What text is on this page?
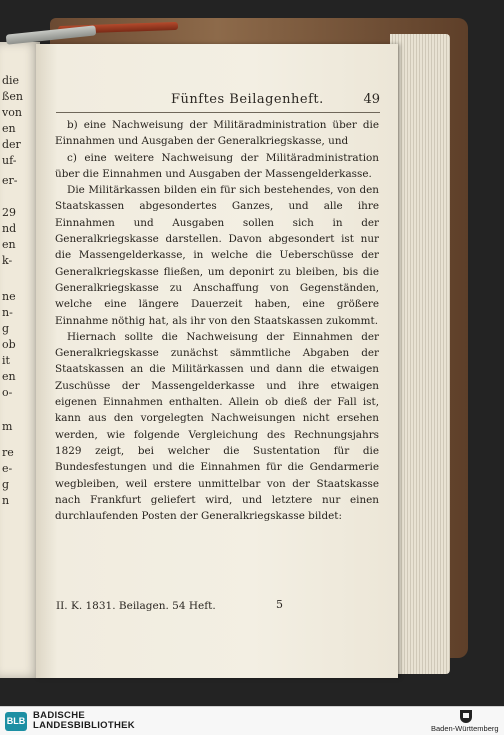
die
ßen
von
en
der
uf-
er-
29
nd
en
k-
ne
n-
g
ob
it
en
o-
m
re
e-
g
n
Fünftes Beilagenheft.	49

b) eine Nachweisung der Militäradministration über die Einnahmen und Ausgaben der Generalkriegskasse, und

c) eine weitere Nachweisung der Militäradministration über die Einnahmen und Ausgaben der Massengelderkasse.

Die Militärkassen bilden ein für sich bestehendes, von den Staatskassen abgesondertes Ganzes, und alle ihre Einnahmen und Ausgaben sollen sich in der Generalkriegskasse darstellen. Davon abgesondert ist nur die Massengelderkasse, in welche die Ueberschüsse der Generalkriegskasse fließen, um deponirt zu bleiben, bis die Generalkriegskasse zu Anschaffung von Gegenständen, welche eine längere Dauerzeit haben, eine größere Einnahme nöthig hat, als ihr von den Staatskassen zukommt.

Hiernach sollte die Nachweisung der Einnahmen der Generalkriegskasse zunächst sämmtliche Abgaben der Staatskassen an die Militärkassen und dann die etwaigen Zuschüsse der Massengelderkasse und ihre etwaigen eigenen Einnahmen enthalten. Allein ob dieß der Fall ist, kann aus den vorgelegten Nachweisungen nicht ersehen werden, wie folgende Vergleichung des Rechnungsjahrs 1829 zeigt, bei welcher die Sustentation für die Bundesfestungen und die Einnahmen für die Gendarmerie wegbleiben, weil erstere unmittelbar von der Staatskasse nach Frankfurt geliefert wird, und letztere nur einen durchlaufenden Posten der Generalkriegskasse bildet:

II. K. 1831. Beilagen. 54 Heft.	5
BLB BADISCHE
LANDESBIBLIOTHEK	Baden-Württemberg
